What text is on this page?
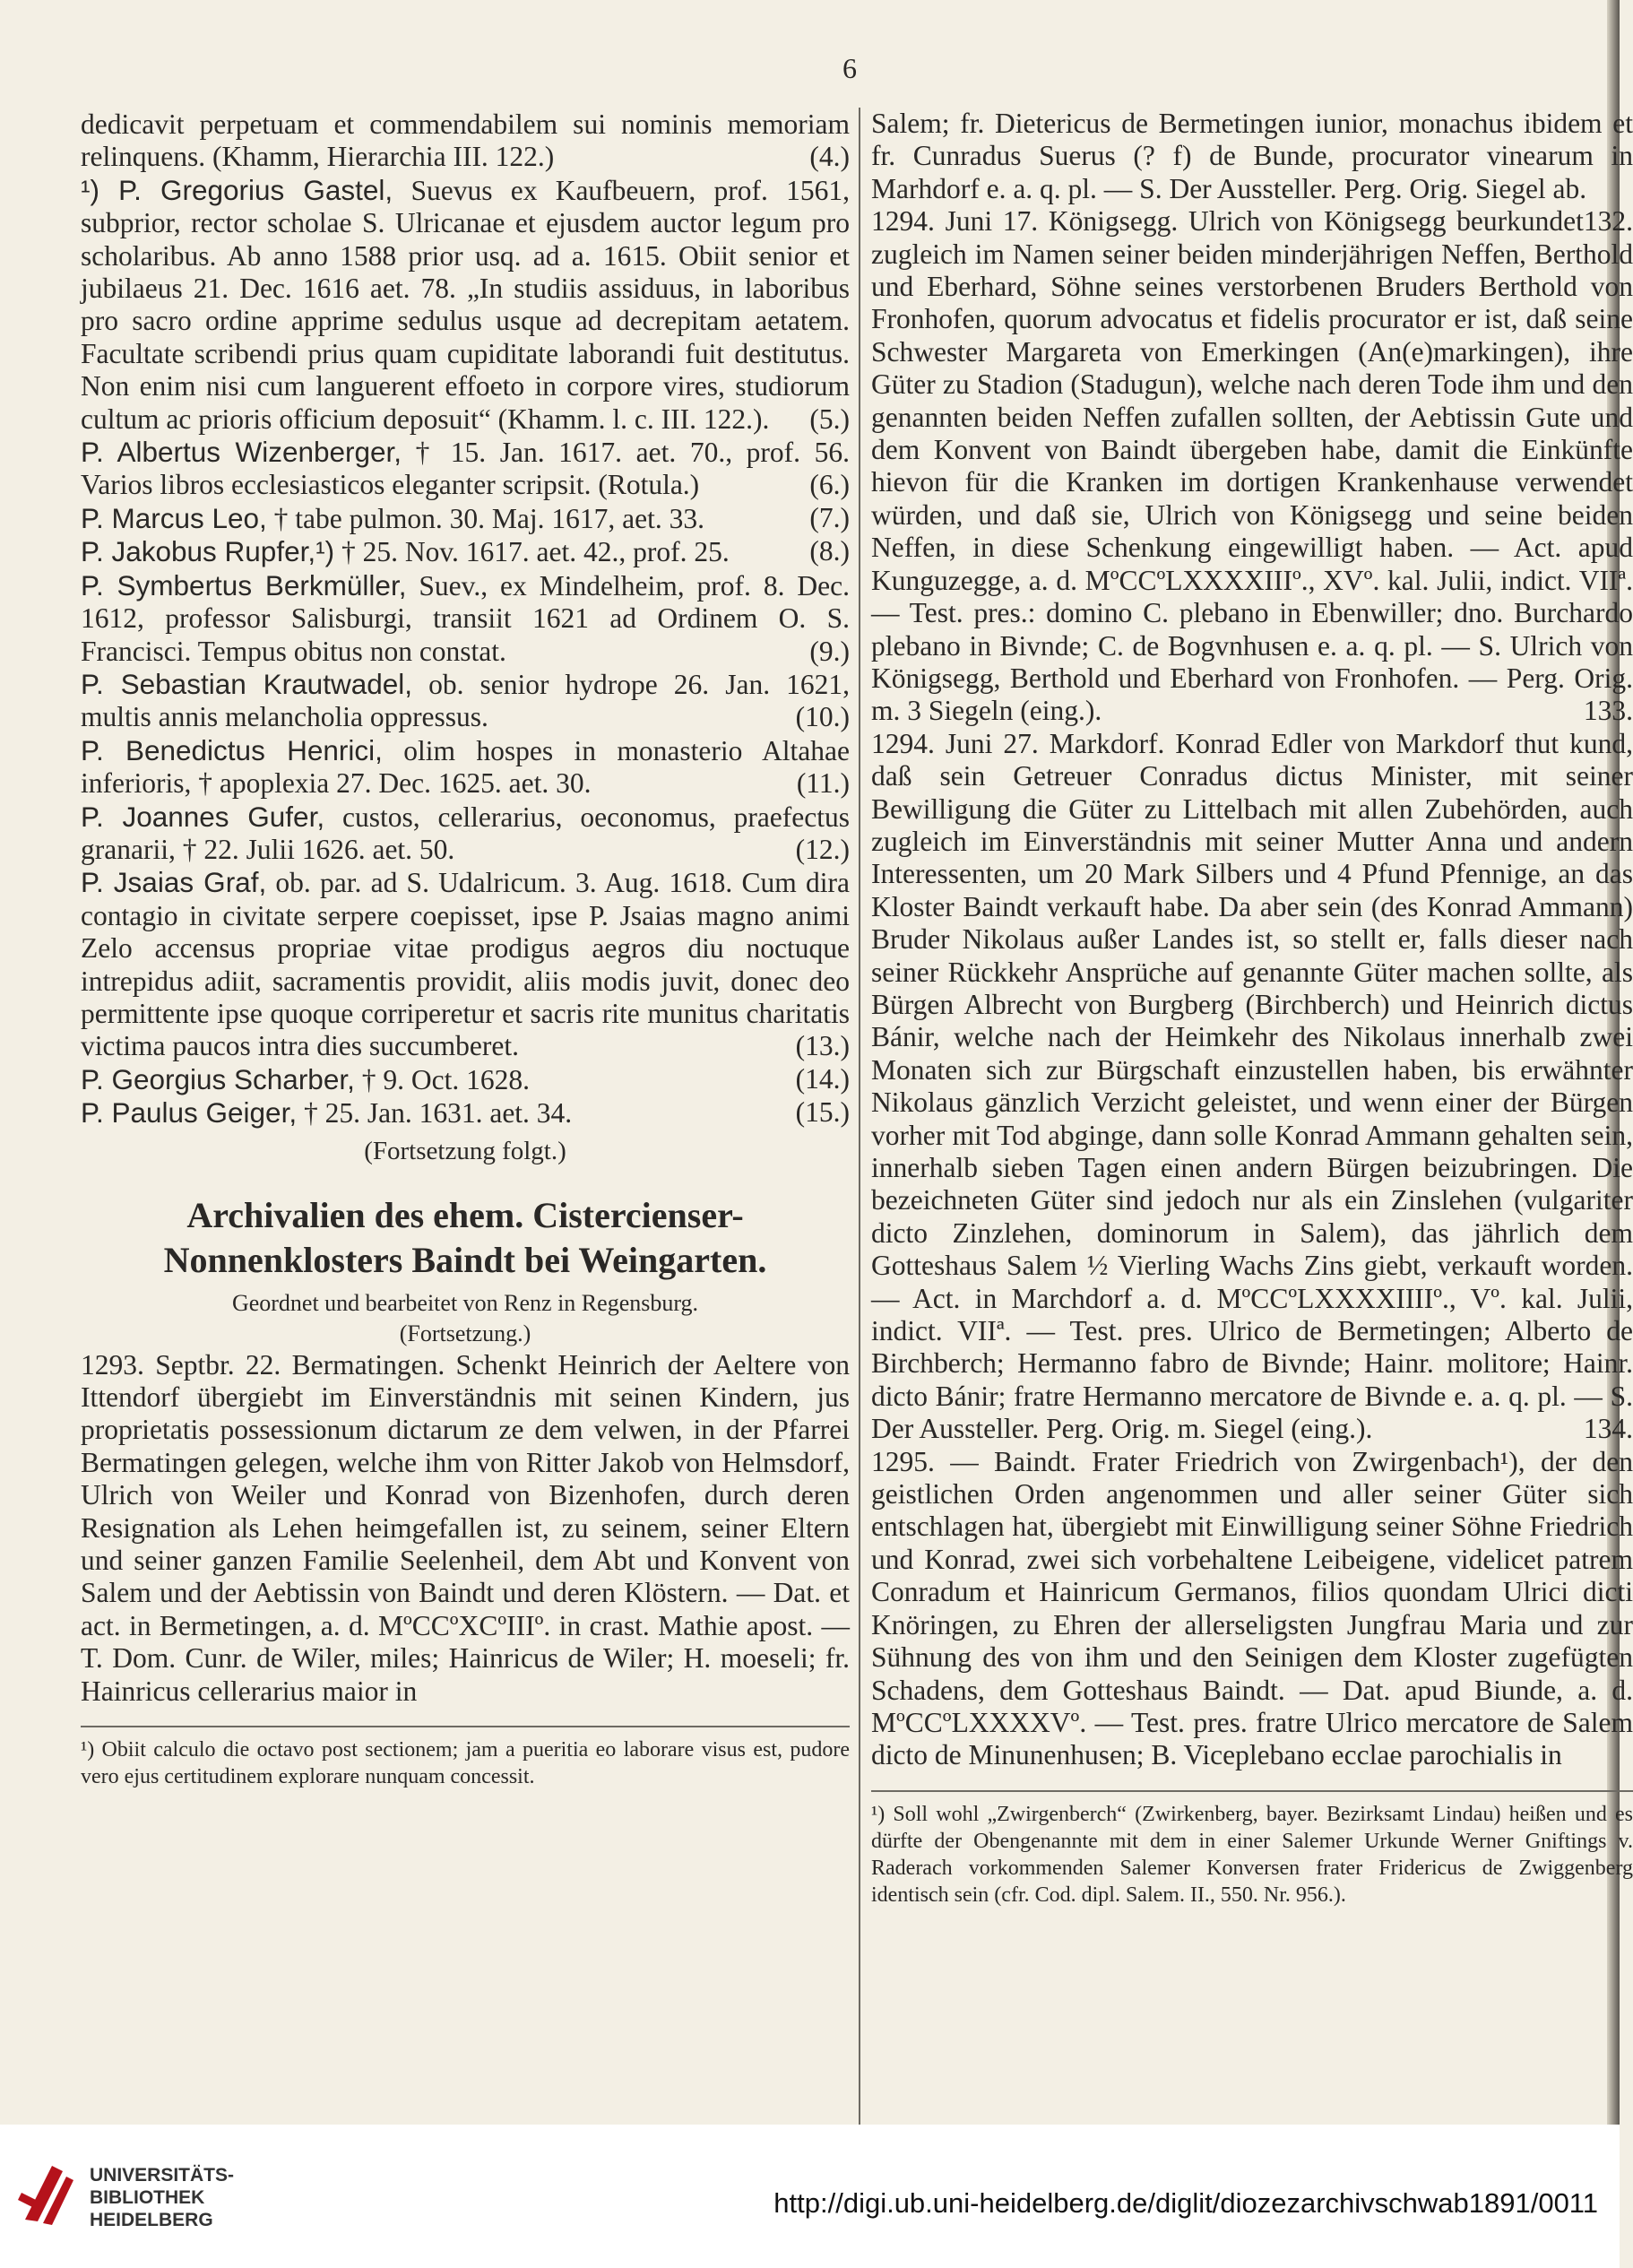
6

dedicavit perpetuam et commendabilem sui nominis memoriam relinquens. (Khamm, Hierarchia III. 122.)	(4.)

¹) P. Gregorius Gastel, Suevus ex Kaufbeuern, prof. 1561, subprior, rector scholae S. Ulricanae et ejusdem auctor legum pro scholaribus. Ab anno 1588 prior usq. ad a. 1615. Obiit senior et jubilaeus 21. Dec. 1616 aet. 78. „In studiis assiduus, in laboribus pro sacro ordine apprime sedulus usque ad decrepitam aetatem. Facultate scribendi prius quam cupiditate laborandi fuit destitutus. Non enim nisi cum languerent effoeto in corpore vires, studiorum cultum ac prioris officium deposuit“ (Khamm. l. c. III. 122.). (5.)

P. Albertus Wizenberger, † 15. Jan. 1617. aet. 70., prof. 56. Varios libros ecclesiasticos eleganter scripsit. (Rotula.)	(6.)

P. Marcus Leo, † tabe pulmon. 30. Maj. 1617, aet. 33.	(7.)

P. Jakobus Rupfer,¹) † 25. Nov. 1617. aet. 42., prof. 25.	(8.)

P. Symbertus Berkmüller, Suev., ex Mindelheim, prof. 8. Dec. 1612, professor Salisburgi, transiit 1621 ad Ordinem O. S. Francisci. Tempus obitus non constat.	(9.)

P. Sebastian Krautwadel, ob. senior hydrope 26. Jan. 1621, multis annis melancholia oppressus.	(10.)

P. Benedictus Henrici, olim hospes in monasterio Altahae inferioris, † apoplexia 27. Dec. 1625. aet. 30.	(11.)

P. Joannes Gufer, custos, cellerarius, oeconomus, praefectus granarii, † 22. Julii 1626. aet. 50.	(12.)

P. Jsaias Graf, ob. par. ad S. Udalricum. 3. Aug. 1618. Cum dira contagio in civitate serpere coepisset, ipse P. Jsaias magno animi Zelo accensus propriae vitae prodigus aegros diu noctuque intrepidus adiit, sacramentis providit, aliis modis juvit, donec deo permittente ipse quoque corriperetur et sacris rite munitus charitatis victima paucos intra dies succumberet.	(13.)

P. Georgius Scharber, † 9. Oct. 1628.	(14.)

P. Paulus Geiger, † 25. Jan. 1631. aet. 34.	(15.)

(Fortsetzung folgt.)

Archivalien des ehem. Cistercienser-Nonnenklosters Baindt bei Weingarten.

Geordnet und bearbeitet von Renz in Regensburg.

(Fortsetzung.)

1293. Septbr. 22. Bermatingen. Schenkt Heinrich der Aeltere von Ittendorf übergiebt im Einverständnis mit seinen Kindern, jus proprietatis possessionum dictarum ze dem velwen, in der Pfarrei Bermatingen gelegen, welche ihm von Ritter Jakob von Helmsdorf, Ulrich von Weiler und Konrad von Bizenhofen, durch deren Resignation als Lehen heimgefallen ist, zu seinem, seiner Eltern und seiner ganzen Familie Seelenheil, dem Abt und Konvent von Salem und der Aebtissin von Baindt und deren Klöstern. — Dat. et act. in Bermetingen, a. d. MºCCºXCºIIIº. in crast. Mathie apost. — T. Dom. Cunr. de Wiler, miles; Hainricus de Wiler; H. moeseli; fr. Hainricus cellerarius maior in

¹) Obiit calculo die octavo post sectionem; jam a pueritia eo laborare visus est, pudore vero ejus certitudinem explorare nunquam concessit.

Salem; fr. Dietericus de Bermetingen iunior, monachus ibidem et fr. Cunradus Suerus (? f) de Bunde, procurator vinearum in Marhdorf e. a. q. pl. — S. Der Aussteller. Perg. Orig. Siegel ab.
132.

1294. Juni 17. Königsegg. Ulrich von Königsegg beurkundet zugleich im Namen seiner beiden minderjährigen Neffen, Berthold und Eberhard, Söhne seines verstorbenen Bruders Berthold von Fronhofen, quorum advocatus et fidelis procurator er ist, daß seine Schwester Margareta von Emerkingen (An(e)markingen), ihre Güter zu Stadion (Stadugun), welche nach deren Tode ihm und den genannten beiden Neffen zufallen sollten, der Aebtissin Gute und dem Konvent von Baindt übergeben habe, damit die Einkünfte hievon für die Kranken im dortigen Krankenhause verwendet würden, und daß sie, Ulrich von Königsegg und seine beiden Neffen, in diese Schenkung eingewilligt haben. — Act. apud Kunguzegge, a. d. MºCCºLXXXXIIIº., XVº. kal. Julii, indict. VIIª. — Test. pres.: domino C. plebano in Ebenwiller; dno. Burchardo plebano in Bivnde; C. de Bogvnhusen e. a. q. pl. — S. Ulrich von Königsegg, Berthold und Eberhard von Fronhofen. — Perg. Orig. m. 3 Siegeln (eing.).	133.

1294. Juni 27. Markdorf. Konrad Edler von Markdorf thut kund, daß sein Getreuer Conradus dictus Minister, mit seiner Bewilligung die Güter zu Littelbach mit allen Zubehörden, auch zugleich im Einverständnis mit seiner Mutter Anna und andern Interessenten, um 20 Mark Silbers und 4 Pfund Pfennige, an das Kloster Baindt verkauft habe. Da aber sein (des Konrad Ammann) Bruder Nikolaus außer Landes ist, so stellt er, falls dieser nach seiner Rückkehr Ansprüche auf genannte Güter machen sollte, als Bürgen Albrecht von Burgberg (Birchberch) und Heinrich dictus Bánir, welche nach der Heimkehr des Nikolaus innerhalb zwei Monaten sich zur Bürgschaft einzustellen haben, bis erwähnter Nikolaus gänzlich Verzicht geleistet, und wenn einer der Bürgen vorher mit Tod abginge, dann solle Konrad Ammann gehalten sein, innerhalb sieben Tagen einen andern Bürgen beizubringen. Die bezeichneten Güter sind jedoch nur als ein Zinslehen (vulgariter dicto Zinzlehen, dominorum in Salem), das jährlich dem Gotteshaus Salem ½ Vierling Wachs Zins giebt, verkauft worden. — Act. in Marchdorf a. d. MºCCºLXXXXIIIIº., Vº. kal. Julii, indict. VIIª. — Test. pres. Ulrico de Bermetingen; Alberto de Birchberch; Hermanno fabro de Bivnde; Hainr. molitore; Hainr. dicto Bánir; fratre Hermanno mercatore de Bivnde e. a. q. pl. — S. Der Aussteller. Perg. Orig. m. Siegel (eing.).	134.

1295. — Baindt. Frater Friedrich von Zwirgenbach¹), der den geistlichen Orden angenommen und aller seiner Güter sich entschlagen hat, übergiebt mit Einwilligung seiner Söhne Friedrich und Konrad, zwei sich vorbehaltene Leibeigene, videlicet patrem Conradum et Hainricum Germanos, filios quondam Ulrici dicti Knöringen, zu Ehren der allerseligsten Jungfrau Maria und zur Sühnung des von ihm und den Seinigen dem Kloster zugefügten Schadens, dem Gotteshaus Baindt. — Dat. apud Biunde, a. d. MºCCºLXXXXVº. — Test. pres. fratre Ulrico mercatore de Salem dicto de Minunenhusen; B. Viceplebano ecclae parochialis in

¹) Soll wohl „Zwirgenberch“ (Zwirkenberg, bayer. Bezirksamt Lindau) heißen und es dürfte der Obengenannte mit dem in einer Salemer Urkunde Werner Gniftings v. Raderach vorkommenden Salemer Konversen frater Fridericus de Zwiggenberg identisch sein (cfr. Cod. dipl. Salem. II., 550. Nr. 956.).

UNIVERSITÄTS-
BIBLIOTHEK
HEIDELBERG
http://digi.ub.uni-heidelberg.de/diglit/diozezarchivschwab1891/0011
